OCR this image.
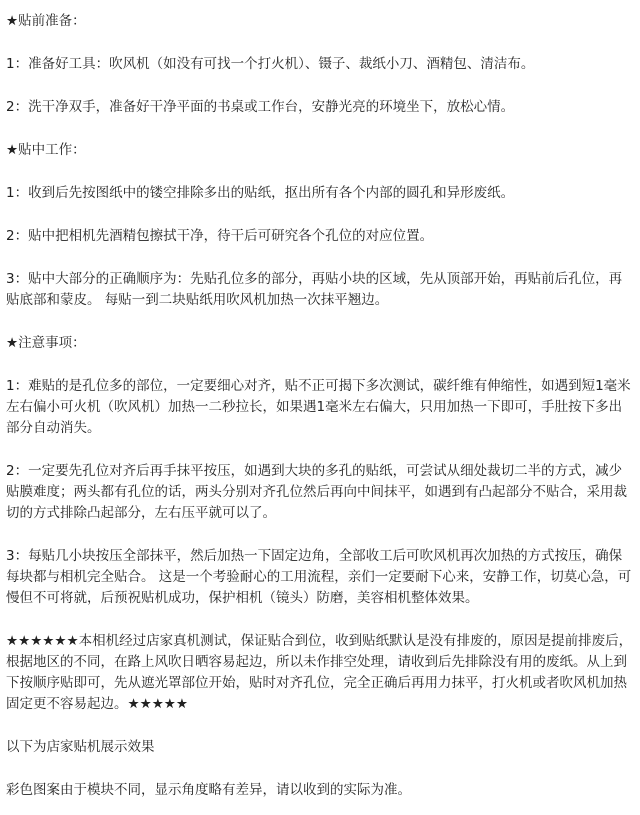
★贴前准备：

1：准备好工具：吹风机（如没有可找一个打火机）、镊子、裁纸小刀、酒精包、清洁布。

2：洗干净双手，准备好干净平面的书桌或工作台，安静光亮的环境坐下，放松心情。

★贴中工作：

1：收到后先按图纸中的镂空排除多出的贴纸，抠出所有各个内部的圆孔和异形废纸。

2：贴中把相机先酒精包擦拭干净，待干后可研究各个孔位的对应位置。

3：贴中大部分的正确顺序为：先贴孔位多的部分，再贴小块的区域，先从顶部开始，再贴前后孔位，再贴底部和蒙皮。 每贴一到二块贴纸用吹风机加热一次抹平翘边。

★注意事项：

1：难贴的是孔位多的部位，一定要细心对齐，贴不正可揭下多次测试，碳纤维有伸缩性，如遇到短1毫米左右偏小可火机（吹风机）加热一二秒拉长，如果遇1毫米左右偏大，只用加热一下即可，手肚按下多出部分自动消失。

2：一定要先孔位对齐后再手抹平按压，如遇到大块的多孔的贴纸，可尝试从细处裁切二半的方式，减少贴膜难度；两头都有孔位的话，两头分别对齐孔位然后再向中间抹平，如遇到有凸起部分不贴合，采用裁切的方式排除凸起部分，左右压平就可以了。

3：每贴几小块按压全部抹平，然后加热一下固定边角，全部收工后可吹风机再次加热的方式按压，确保每块都与相机完全贴合。 这是一个考验耐心的工用流程，亲们一定要耐下心来，安静工作，切莫心急，可慢但不可将就，后预祝贴机成功，保护相机（镜头）防磨，美容相机整体效果。

★★★★★★本相机经过店家真机测试，保证贴合到位，收到贴纸默认是没有排废的，原因是提前排废后，根据地区的不同，在路上风吹日晒容易起边，所以未作排空处理，请收到后先排除没有用的废纸。从上到下按顺序贴即可，先从遮光罩部位开始，贴时对齐孔位，完全正确后再用力抹平，打火机或者吹风机加热固定更不容易起边。★★★★★

以下为店家贴机展示效果

彩色图案由于模块不同，显示角度略有差异，请以收到的实际为准。
